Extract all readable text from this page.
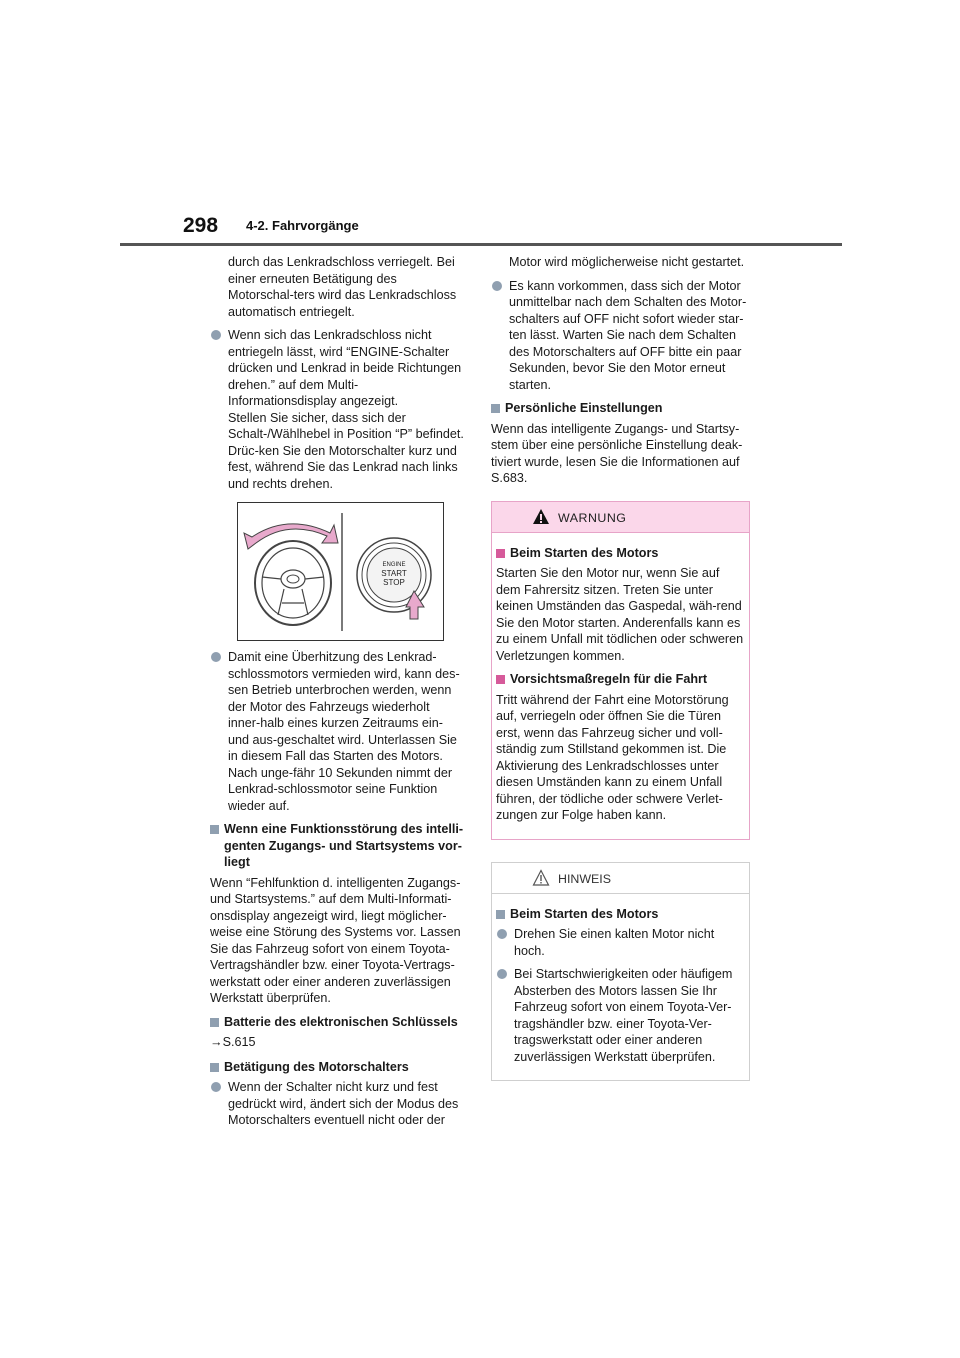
298 4-2. Fahrvorgänge

durch das Lenkradschloss verriegelt. Bei einer erneuten Betätigung des Motorschal-ters wird das Lenkradschloss automatisch entriegelt.

Wenn sich das Lenkradschloss nicht entriegeln lässt, wird “ENGINE-Schalter drücken und Lenkrad in beide Richtungen drehen.” auf dem Multi-Informationsdisplay angezeigt.
Stellen Sie sicher, dass sich der Schalt-/Wählhebel in Position “P” befindet. Drüc-ken Sie den Motorschalter kurz und fest, während Sie das Lenkrad nach links und rechts drehen.
ENGINE
START
STOP
Damit eine Überhitzung des Lenkrad-schlossmotors vermieden wird, kann des-sen Betrieb unterbrochen werden, wenn der Motor des Fahrzeugs wiederholt inner-halb eines kurzen Zeitraums ein- und aus-geschaltet wird. Unterlassen Sie in diesem Fall das Starten des Motors. Nach unge-fähr 10 Sekunden nimmt der Lenkrad-schlossmotor seine Funktion wieder auf.
Wenn eine Funktionsstörung des intelli-genten Zugangs- und Startsystems vor-liegt

Wenn “Fehlfunktion d. intelligenten Zugangs- und Startsystems.” auf dem Multi-Informati-onsdisplay angezeigt wird, liegt möglicher-weise eine Störung des Systems vor. Lassen Sie das Fahrzeug sofort von einem Toyota-Vertragshändler bzw. einer Toyota-Vertrags-werkstatt oder einer anderen zuverlässigen Werkstatt überprüfen.

Batterie des elektronischen Schlüssels

→S.615

Betätigung des Motorschalters
Wenn der Schalter nicht kurz und fest gedrückt wird, ändert sich der Modus des Motorschalters eventuell nicht oder der

Motor wird möglicherweise nicht gestartet.

Es kann vorkommen, dass sich der Motor unmittelbar nach dem Schalten des Motor-schalters auf OFF nicht sofort wieder star-ten lässt. Warten Sie nach dem Schalten des Motorschalters auf OFF bitte ein paar Sekunden, bevor Sie den Motor erneut starten.
Persönliche Einstellungen

Wenn das intelligente Zugangs- und Startsy-stem über eine persönliche Einstellung deak-tiviert wurde, lesen Sie die Informationen auf S.683.

WARNUNG
Beim Starten des Motors

Starten Sie den Motor nur, wenn Sie auf dem Fahrersitz sitzen. Treten Sie unter keinen Umständen das Gaspedal, wäh-rend Sie den Motor starten. Anderenfalls kann es zu einem Unfall mit tödlichen oder schweren Verletzungen kommen.

Vorsichtsmaßregeln für die Fahrt

Tritt während der Fahrt eine Motorstörung auf, verriegeln oder öffnen Sie die Türen erst, wenn das Fahrzeug sicher und voll-ständig zum Stillstand gekommen ist. Die Aktivierung des Lenkradschlosses unter diesen Umständen kann zu einem Unfall führen, der tödliche oder schwere Verlet-zungen zur Folge haben kann.

HINWEIS
Beim Starten des Motors
Drehen Sie einen kalten Motor nicht hoch.
Bei Startschwierigkeiten oder häufigem Absterben des Motors lassen Sie Ihr Fahrzeug sofort von einem Toyota-Ver-tragshändler bzw. einer Toyota-Ver-tragswerkstatt oder einer anderen zuverlässigen Werkstatt überprüfen.
